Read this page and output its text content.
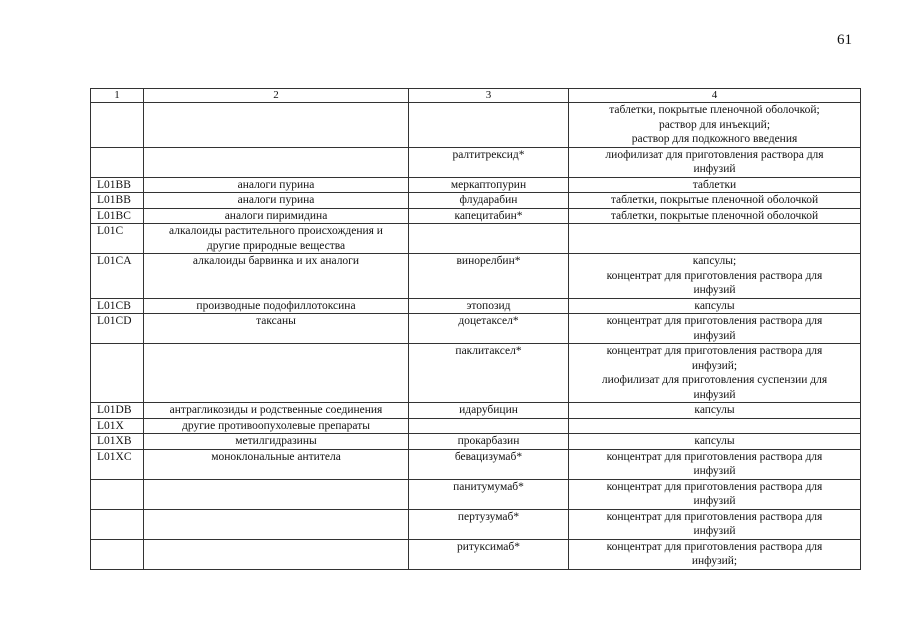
61
1	2	3	4
			таблетки, покрытые пленочной оболочкой;
раствор для инъекций;
раствор для подкожного введения
		ралтитрексид*	лиофилизат для приготовления раствора для
инфузий
L01BB	аналоги пурина	меркаптопурин	таблетки
L01BB	аналоги пурина	флударабин	таблетки, покрытые пленочной оболочкой
L01BC	аналоги пиримидина	капецитабин*	таблетки, покрытые пленочной оболочкой
L01C	алкалоиды растительного происхождения и
другие природные вещества		
L01CA	алкалоиды барвинка и их аналоги	винорелбин*	капсулы;
концентрат для приготовления раствора для
инфузий
L01CB	производные подофиллотоксина	этопозид	капсулы
L01CD	таксаны	доцетаксел*	концентрат для приготовления раствора для
инфузий
		паклитаксел*	концентрат для приготовления раствора для
инфузий;
лиофилизат для приготовления суспензии для
инфузий
L01DB	антрагликозиды и родственные соединения	идарубицин	капсулы
L01X	другие противоопухолевые препараты		
L01XB	метилгидразины	прокарбазин	капсулы
L01XC	моноклональные антитела	бевацизумаб*	концентрат для приготовления раствора для
инфузий
		панитумумаб*	концентрат для приготовления раствора для
инфузий
		пертузумаб*	концентрат для приготовления раствора для
инфузий
		ритуксимаб*	концентрат для приготовления раствора для
инфузий;
